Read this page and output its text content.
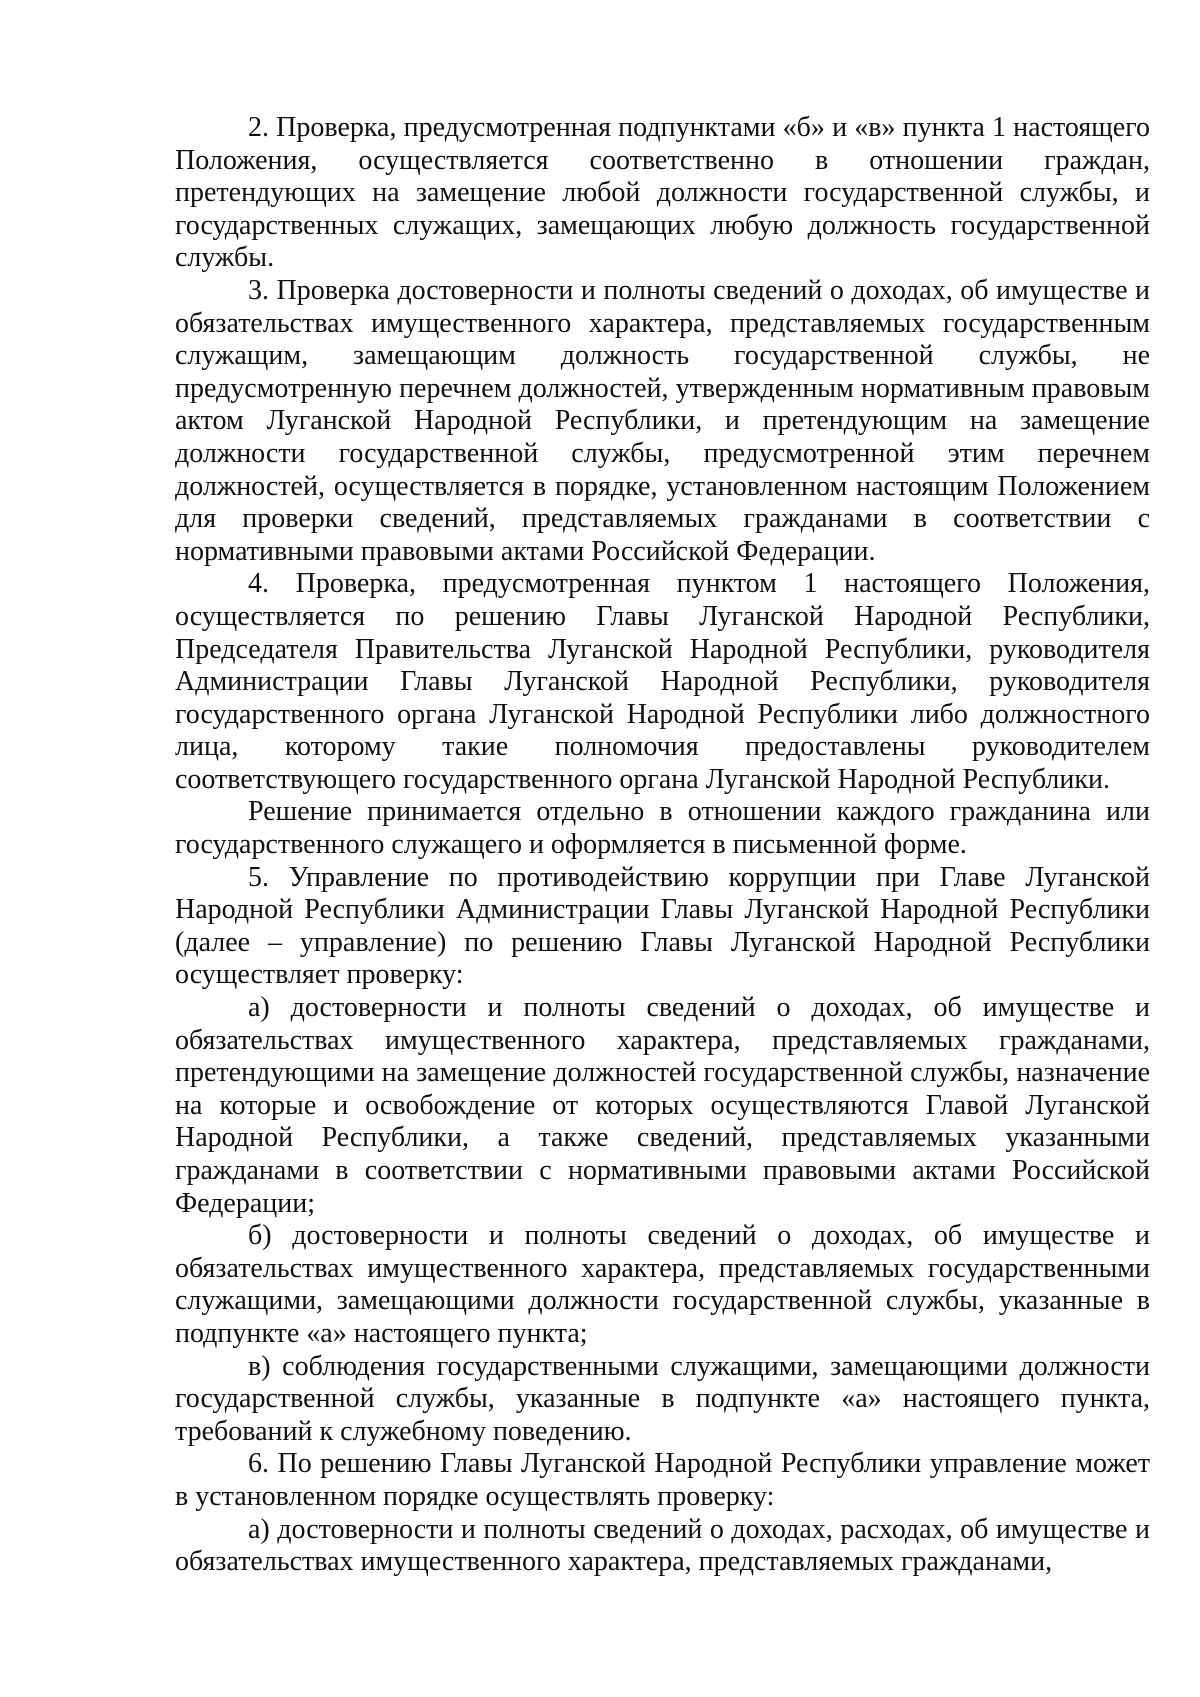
2. Проверка, предусмотренная подпунктами «б» и «в» пункта 1 настоящего Положения, осуществляется соответственно в отношении граждан, претендующих на замещение любой должности государственной службы, и государственных служащих, замещающих любую должность государственной службы.

3. Проверка достоверности и полноты сведений о доходах, об имуществе и обязательствах имущественного характера, представляемых государственным служащим, замещающим должность государственной службы, не предусмотренную перечнем должностей, утвержденным нормативным правовым актом Луганской Народной Республики, и претендующим на замещение должности государственной службы, предусмотренной этим перечнем должностей, осуществляется в порядке, установленном настоящим Положением для проверки сведений, представляемых гражданами в соответствии с нормативными правовыми актами Российской Федерации.

4. Проверка, предусмотренная пунктом 1 настоящего Положения, осуществляется по решению Главы Луганской Народной Республики, Председателя Правительства Луганской Народной Республики, руководителя Администрации Главы Луганской Народной Республики, руководителя государственного органа Луганской Народной Республики либо должностного лица, которому такие полномочия предоставлены руководителем соответствующего государственного органа Луганской Народной Республики.

Решение принимается отдельно в отношении каждого гражданина или государственного служащего и оформляется в письменной форме.

5. Управление по противодействию коррупции при Главе Луганской Народной Республики Администрации Главы Луганской Народной Республики (далее – управление) по решению Главы Луганской Народной Республики осуществляет проверку:

а) достоверности и полноты сведений о доходах, об имуществе и обязательствах имущественного характера, представляемых гражданами, претендующими на замещение должностей государственной службы, назначение на которые и освобождение от которых осуществляются Главой Луганской Народной Республики, а также сведений, представляемых указанными гражданами в соответствии с нормативными правовыми актами Российской Федерации;

б) достоверности и полноты сведений о доходах, об имуществе и обязательствах имущественного характера, представляемых государственными служащими, замещающими должности государственной службы, указанные в подпункте «а» настоящего пункта;

в) соблюдения государственными служащими, замещающими должности государственной службы, указанные в подпункте «а» настоящего пункта, требований к служебному поведению.

6. По решению Главы Луганской Народной Республики управление может в установленном порядке осуществлять проверку:

а) достоверности и полноты сведений о доходах, расходах, об имуществе и обязательствах имущественного характера, представляемых гражданами,
